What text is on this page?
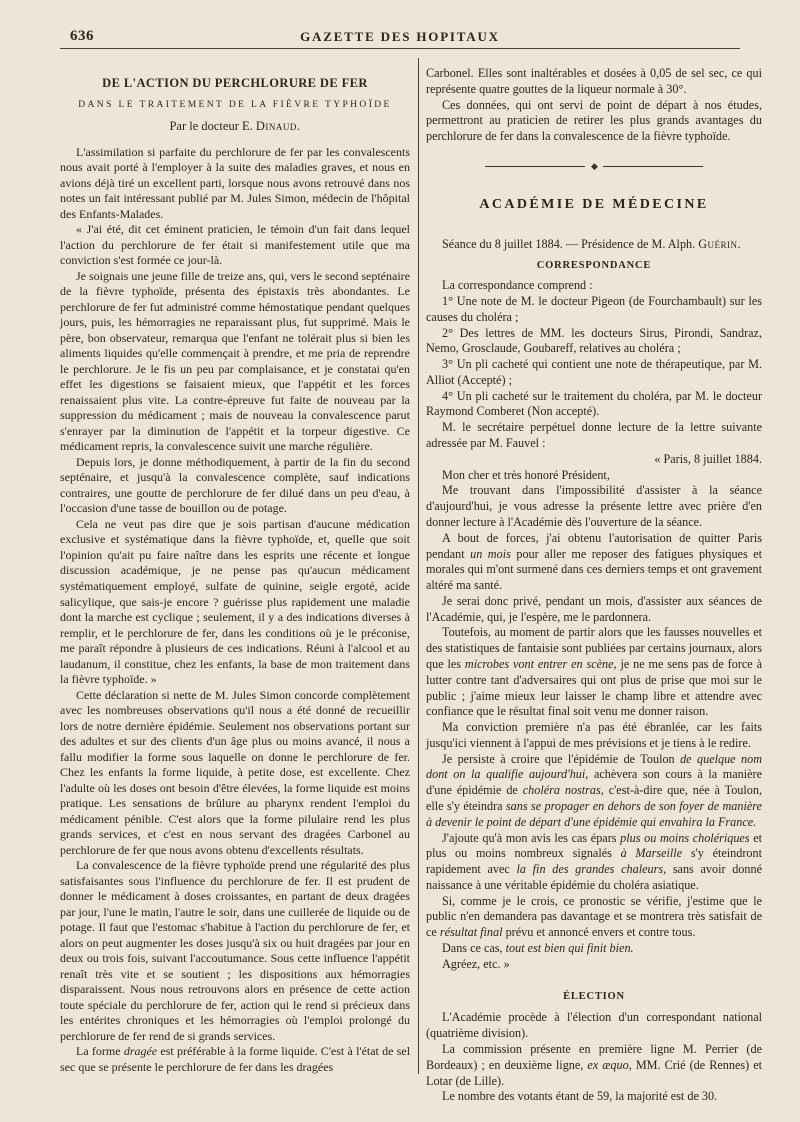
636	GAZETTE DES HOPITAUX
DE L'ACTION DU PERCHLORURE DE FER
DANS LE TRAITEMENT DE LA FIÈVRE TYPHOÏDE
Par le docteur E. Dinaud.

L'assimilation si parfaite du perchlorure de fer par les convalescents nous avait porté à l'employer à la suite des maladies graves, et nous en avions déjà tiré un excellent parti, lorsque nous avons retrouvé dans nos notes un fait intéressant publié par M. Jules Simon, médecin de l'hôpital des Enfants-Malades.

« J'ai été, dit cet éminent praticien, le témoin d'un fait dans lequel l'action du perchlorure de fer était si manifestement utile que ma conviction s'est formée ce jour-là.

Je soignais une jeune fille de treize ans, qui, vers le second septénaire de la fièvre typhoïde, présenta des épistaxis très abondantes. Le perchlorure de fer fut administré comme hémostatique pendant quelques jours, puis, les hémorragies ne reparaissant plus, fut supprimé. Mais le père, bon observateur, remarqua que l'enfant ne tolérait plus si bien les aliments liquides qu'elle commençait à prendre, et me pria de reprendre le perchlorure. Je le fis un peu par complaisance, et je constatai qu'en effet les digestions se faisaient mieux, que l'appétit et les forces renaissaient plus vite. La contre-épreuve fut faite de nouveau par la suppression du médicament ; mais de nouveau la convalescence parut s'enrayer par la diminution de l'appétit et la torpeur digestive. Ce médicament repris, la convalescence suivit une marche régulière.

Depuis lors, je donne méthodiquement, à partir de la fin du second septénaire, et jusqu'à la convalescence complète, sauf indications contraires, une goutte de perchlorure de fer dilué dans un peu d'eau, à l'occasion d'une tasse de bouillon ou de potage.

Cela ne veut pas dire que je sois partisan d'aucune médication exclusive et systématique dans la fièvre typhoïde, et, quelle que soit l'opinion qu'ait pu faire naître dans les esprits une récente et longue discussion académique, je ne pense pas qu'aucun médicament systématiquement employé, sulfate de quinine, seigle ergoté, acide salicylique, que sais-je encore ? guérisse plus rapidement une maladie dont la marche est cyclique ; seulement, il y a des indications diverses à remplir, et le perchlorure de fer, dans les conditions où je le préconise, me paraît répondre à plusieurs de ces indications. Réuni à l'alcool et au laudanum, il constitue, chez les enfants, la base de mon traitement dans la fièvre typhoïde. »

Cette déclaration si nette de M. Jules Simon concorde complètement avec les nombreuses observations qu'il nous a été donné de recueillir lors de notre dernière épidémie. Seulement nos observations portant sur des adultes et sur des clients d'un âge plus ou moins avancé, il nous a fallu modifier la forme sous laquelle on donne le perchlorure de fer. Chez les enfants la forme liquide, à petite dose, est excellente. Chez l'adulte où les doses ont besoin d'être élevées, la forme liquide est moins pratique. Les sensations de brûlure au pharynx rendent l'emploi du médicament pénible. C'est alors que la forme pilulaire rend les plus grands services, et c'est en nous servant des dragées Carbonel au perchlorure de fer que nous avons obtenu d'excellents résultats.

La convalescence de la fièvre typhoïde prend une régularité des plus satisfaisantes sous l'influence du perchlorure de fer. Il est prudent de donner le médicament à doses croissantes, en partant de deux dragées par jour, l'une le matin, l'autre le soir, dans une cuillerée de liquide ou de potage. Il faut que l'estomac s'habitue à l'action du perchlorure de fer, et alors on peut augmenter les doses jusqu'à six ou huit dragées par jour en deux ou trois fois, suivant l'accoutumance. Sous cette influence l'appétit renaît très vite et se soutient ; les dispositions aux hémorragies disparaissent. Nous nous retrouvons alors en présence de cette action toute spéciale du perchlorure de fer, action qui le rend si précieux dans les entérites chroniques et les hémorragies où l'emploi prolongé du perchlorure de fer rend de si grands services.

La forme dragée est préférable à la forme liquide. C'est à l'état de sel sec que se présente le perchlorure de fer dans les dragées

Carbonel. Elles sont inaltérables et dosées à 0,05 de sel sec, ce qui représente quatre gouttes de la liqueur normale à 30°.

Ces données, qui ont servi de point de départ à nos études, permettront au praticien de retirer les plus grands avantages du perchlorure de fer dans la convalescence de la fièvre typhoïde.

◆
ACADÉMIE DE MÉDECINE

Séance du 8 juillet 1884. — Présidence de M. Alph. Guérin.

CORRESPONDANCE

La correspondance comprend :

1° Une note de M. le docteur Pigeon (de Fourchambault) sur les causes du choléra ;

2° Des lettres de MM. les docteurs Sirus, Pirondi, Sandraz, Nemo, Grosclaude, Goubareff, relatives au choléra ;

3° Un pli cacheté qui contient une note de thérapeutique, par M. Alliot (Accepté) ;

4° Un pli cacheté sur le traitement du choléra, par M. le docteur Raymond Comberet (Non accepté).

M. le secrétaire perpétuel donne lecture de la lettre suivante adressée par M. Fauvel :

« Paris, 8 juillet 1884.

Mon cher et très honoré Président,

Me trouvant dans l'impossibilité d'assister à la séance d'aujourd'hui, je vous adresse la présente lettre avec prière d'en donner lecture à l'Académie dès l'ouverture de la séance.

A bout de forces, j'ai obtenu l'autorisation de quitter Paris pendant un mois pour aller me reposer des fatigues physiques et morales qui m'ont surmené dans ces derniers temps et ont gravement altéré ma santé.

Je serai donc privé, pendant un mois, d'assister aux séances de l'Académie, qui, je l'espère, me le pardonnera.

Toutefois, au moment de partir alors que les fausses nouvelles et des statistiques de fantaisie sont publiées par certains journaux, alors que les microbes vont entrer en scène, je ne me sens pas de force à lutter contre tant d'adversaires qui ont plus de prise que moi sur le public ; j'aime mieux leur laisser le champ libre et attendre avec confiance que le résultat final soit venu me donner raison.

Ma conviction première n'a pas été ébranlée, car les faits jusqu'ici viennent à l'appui de mes prévisions et je tiens à le redire.

Je persiste à croire que l'épidémie de Toulon de quelque nom dont on la qualifie aujourd'hui, achèvera son cours à la manière d'une épidémie de choléra nostras, c'est-à-dire que, née à Toulon, elle s'y éteindra sans se propager en dehors de son foyer de manière à devenir le point de départ d'une épidémie qui envahira la France.

J'ajoute qu'à mon avis les cas épars plus ou moins cholériques et plus ou moins nombreux signalés à Marseille s'y éteindront rapidement avec la fin des grandes chaleurs, sans avoir donné naissance à une véritable épidémie du choléra asiatique.

Si, comme je le crois, ce pronostic se vérifie, j'estime que le public n'en demandera pas davantage et se montrera très satisfait de ce résultat final prévu et annoncé envers et contre tous.

Dans ce cas, tout est bien qui finit bien.

Agréez, etc. »

ÉLECTION

L'Académie procède à l'élection d'un correspondant national (quatrième division).

La commission présente en première ligne M. Perrier (de Bordeaux) ; en deuxième ligne, ex æquo, MM. Crié (de Rennes) et Lotar (de Lille).

Le nombre des votants étant de 59, la majorité est de 30.
